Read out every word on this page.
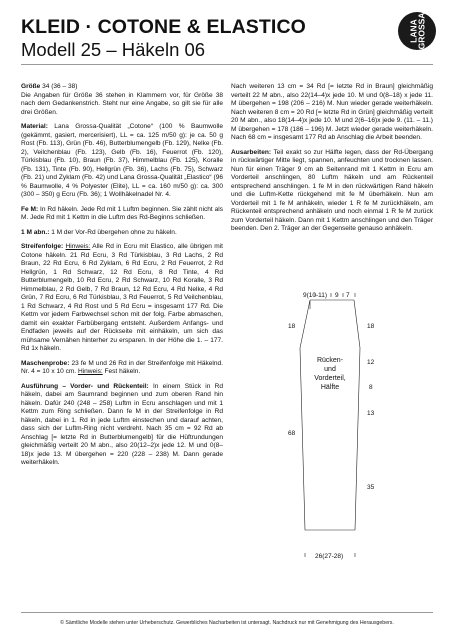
KLEID · COTONE & ELASTICO
Modell 25 – Häkeln 06
LANA
GROSSA

Größe 34 (36 – 38)
Die Angaben für Größe 36 stehen in Klammern vor, für Größe 38 nach dem Gedankenstrich. Steht nur eine Angabe, so gilt sie für alle drei Größen.

Material: Lana Grossa-Qualität „Cotone“ (100 % Baumwolle (gekämmt, gasiert, mercerisiert), LL = ca. 125 m/50 g): je ca. 50 g Rost (Fb. 113), Grün (Fb. 46), Butterblumengelb (Fb. 129), Nelke (Fb. 2), Veilchenblau (Fb. 123), Gelb (Fb. 16), Feuerrot (Fb. 120), Türkisblau (Fb. 10), Braun (Fb. 37), Himmelblau (Fb. 125), Koralle (Fb. 131), Tinte (Fb. 90), Hellgrün (Fb. 36), Lachs (Fb. 75), Schwarz (Fb. 21) und Zyklam (Fb. 42) und Lana Grossa-Qualität „Elastico“ (96 % Baumwolle, 4 % Polyester (Elite), LL = ca. 160 m/50 g): ca. 300 (300 – 350) g Ecru (Fb. 36); 1 Wollhäkelnadel Nr. 4.

Fe M: In Rd häkeln. Jede Rd mit 1 Luftm beginnen. Sie zählt nicht als M. Jede Rd mit 1 Kettm in die Luftm des Rd-Beginns schließen.

1 M abn.: 1 M der Vor-Rd übergehen ohne zu häkeln.

Streifenfolge: Hinweis: Alle Rd in Ecru mit Elastico, alle übrigen mit Cotone häkeln. 21 Rd Ecru, 3 Rd Türkisblau, 3 Rd Lachs, 2 Rd Braun, 22 Rd Ecru, 6 Rd Zyklam, 6 Rd Ecru, 2 Rd Feuerrot, 2 Rd Hellgrün, 1 Rd Schwarz, 12 Rd Ecru, 8 Rd Tinte, 4 Rd Butterblumengelb, 10 Rd Ecru, 2 Rd Schwarz, 10 Rd Koralle, 3 Rd Himmelblau, 2 Rd Gelb, 7 Rd Braun, 12 Rd Ecru, 4 Rd Nelke, 4 Rd Grün, 7 Rd Ecru, 6 Rd Türkisblau, 3 Rd Feuerrot, 5 Rd Veilchenblau, 1 Rd Schwarz, 4 Rd Rost und 5 Rd Ecru = insgesamt 177 Rd. Die Kettm vor jedem Farbwechsel schon mit der folg. Farbe abmaschen, damit ein exakter Farbübergang entsteht. Außerdem Anfangs- und Endfaden jeweils auf der Rückseite mit einhäkeln, um sich das mühsame Vernähen hinterher zu ersparen. In der Höhe die 1. – 177. Rd 1x häkeln.

Maschenprobe: 23 fe M und 26 Rd in der Streifenfolge mit Häkelnd. Nr. 4 = 10 x 10 cm. Hinweis: Fest häkeln.

Ausführung – Vorder- und Rückenteil: In einem Stück in Rd häkeln, dabei am Saumrand beginnen und zum oberen Rand hin häkeln. Dafür 240 (248 – 258) Luftm in Ecru anschlagen und mit 1 Kettm zum Ring schließen. Dann fe M in der Streifenfolge in Rd häkeln, dabei in 1. Rd in jede Luftm einstechen und darauf achten, dass sich der Luftm-Ring nicht verdreht. Nach 35 cm = 92 Rd ab Anschlag [= letzte Rd in Butterblumengelb] für die Hüftrundungen gleichmäßig verteilt 20 M abn., also 20(12–2)x jede 12. M und 0(8–18)x jede 13. M übergehen = 220 (228 – 238) M. Dann gerade weiterhäkeln.

Nach weiteren 13 cm = 34 Rd [= letzte Rd in Braun] gleichmäßig verteilt 22 M abn., also 22(14–4)x jede 10. M und 0(8–18) x jede 11. M übergehen = 198 (206 – 216) M. Nun wieder gerade weiterhäkeln. Nach weiteren 8 cm = 20 Rd [= letzte Rd in Grün] gleichmäßig verteilt 20 M abn., also 18(14–4)x jede 10. M und 2(6–16)x jede 9. (11. – 11.) M übergehen = 178 (186 – 196) M. Jetzt wieder gerade weiterhäkeln. Nach 68 cm = insgesamt 177 Rd ab Anschlag die Arbeit beenden.

Ausarbeiten: Teil exakt so zur Hälfte legen, dass der Rd-Übergang in rückwärtiger Mitte liegt, spannen, anfeuchten und trocknen lassen. Nun für einen Träger 9 cm ab Seitenrand mit 1 Kettm in Ecru am Vorderteil anschlingen, 80 Luftm häkeln und am Rückenteil entsprechend anschlingen. 1 fe M in den rückwärtigen Rand häkeln und die Luftm-Kette rückgehend mit fe M überhäkeln. Nun am Vorderteil mit 1 fe M anhäkeln, wieder 1 R fe M zurückhäkeln, am Rückenteil entsprechend anhäkeln und noch einmal 1 R fe M zurück zum Vorderteil häkeln. Dann mit 1 Kettm anschlingen und den Träger beenden. Den 2. Träger an der Gegenseite genauso anhäkeln.

9(10-11) 9 7
18
68
18
12
8
13
35
26(27-28)
Rücken-
und
Vorderteil,
Hälfte
© Sämtliche Modelle stehen unter Urheberschutz. Gewerbliches Nacharbeiten ist untersagt. Nachdruck nur mit Genehmigung des Herausgebers.
